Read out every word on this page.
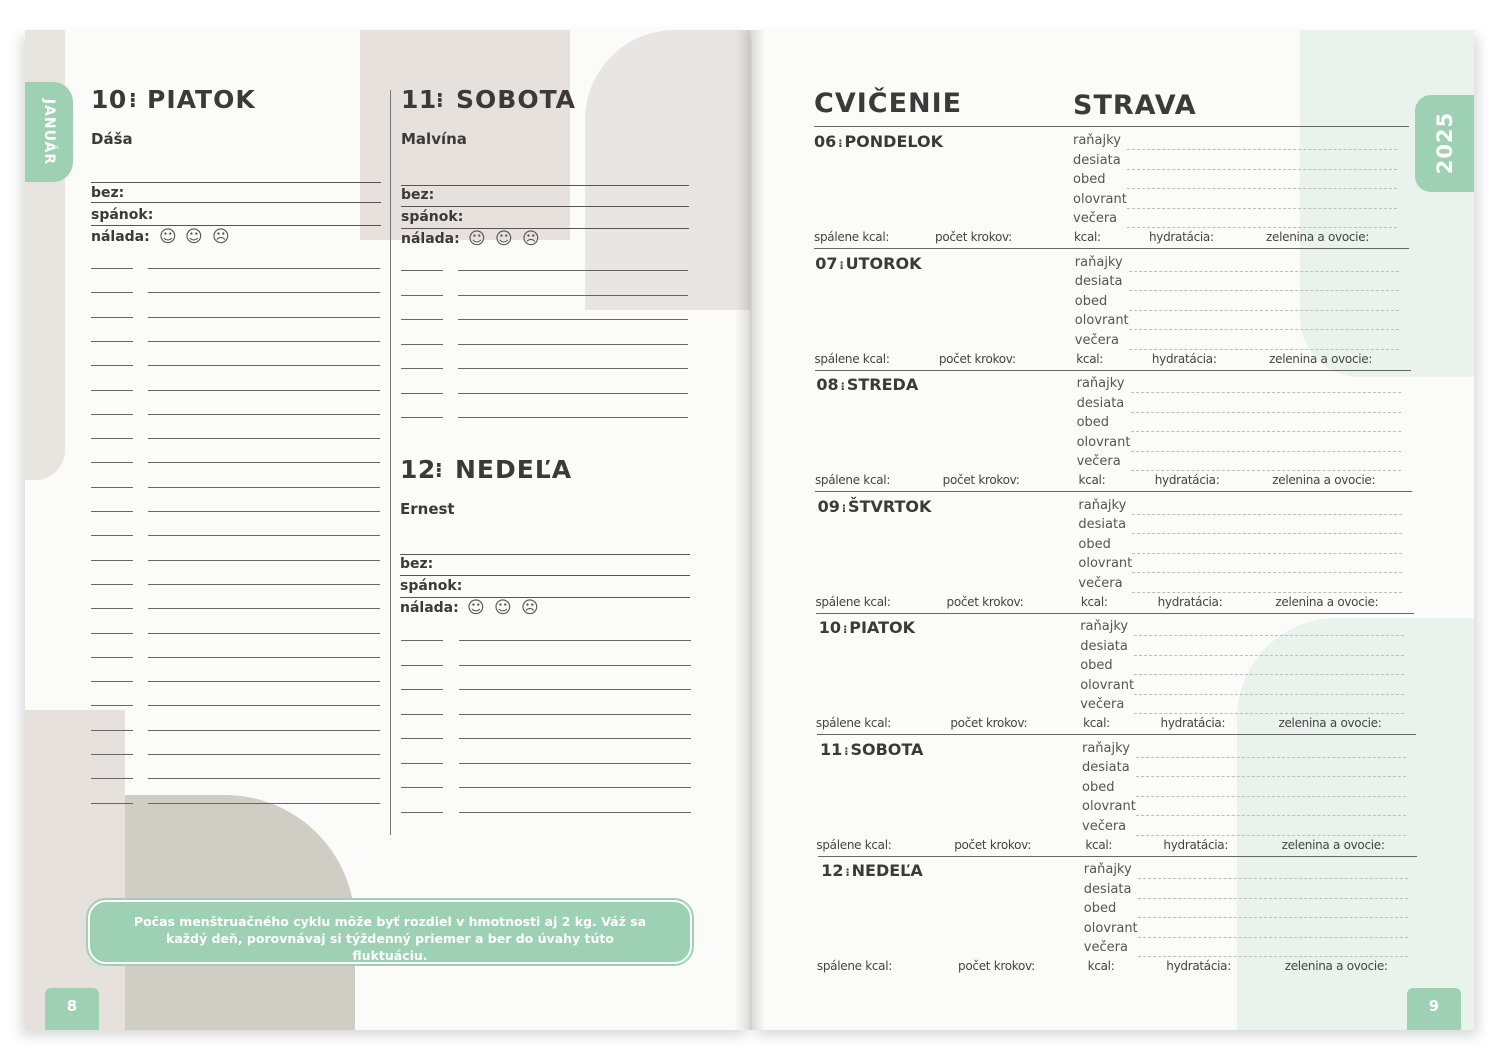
JANUÁR 10 ⁝ PIATOK
Dáša
bez:
spánok:
nálada: ☺ ☺ ☹
11 ⁝ SOBOTA
Malvína
bez:
spánok:
nálada: ☺ ☺ ☹
12 ⁝ NEDEĽA
Ernest
bez:
spánok:
nálada: ☺ ☺ ☹
Počas menštruačného cyklu môže byť rozdiel v hmotnosti aj 2 kg. Váž sa každý deň, porovnávaj si týždenný priemer a ber do úvahy túto fluktuáciu.
8
2025
CVIČENIE	STRAVA
06 ⁝ PONDELOK	raňajky
desiata
obed
olovrant
večera
spálene kcal:	počet krokov:	kcal:	hydratácia:	zelenina a ovocie:
07 ⁝ UTOROK	raňajky
desiata
obed
olovrant
večera
spálene kcal:	počet krokov:	kcal:	hydratácia:	zelenina a ovocie:
08 ⁝ STREDA	raňajky
desiata
obed
olovrant
večera
spálene kcal:	počet krokov:	kcal:	hydratácia:	zelenina a ovocie:
09 ⁝ ŠTVRTOK	raňajky
desiata
obed
olovrant
večera
spálene kcal:	počet krokov:	kcal:	hydratácia:	zelenina a ovocie:
10 ⁝ PIATOK	raňajky
desiata
obed
olovrant
večera
spálene kcal:	počet krokov:	kcal:	hydratácia:	zelenina a ovocie:
11 ⁝ SOBOTA	raňajky
desiata
obed
olovrant
večera
spálene kcal:	počet krokov:	kcal:	hydratácia:	zelenina a ovocie:
12 ⁝ NEDEĽA	raňajky
desiata
obed
olovrant
večera
spálene kcal:	počet krokov:	kcal:	hydratácia:	zelenina a ovocie:
9
